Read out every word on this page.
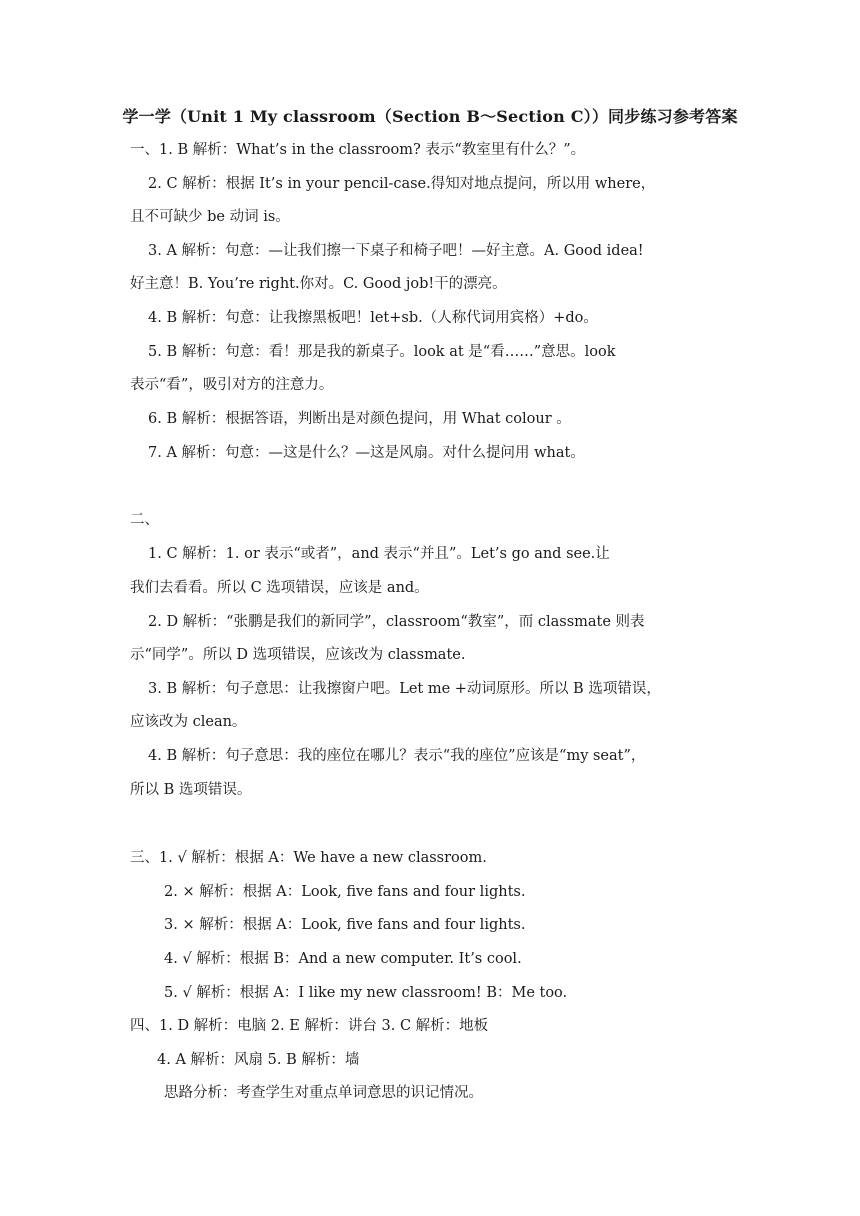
学一学（Unit 1 My classroom（Section B～Section C））同步练习参考答案
一、1. B 解析：What’s in the classroom? 表示“教室里有什么？”。
2. C 解析：根据 It’s in your pencil-case.得知对地点提问，所以用 where，
且不可缺少 be 动词 is。
3. A 解析：句意：—让我们擦一下桌子和椅子吧！—好主意。A. Good idea!
好主意！B. You’re right.你对。C. Good job!干的漂亮。
4. B 解析：句意：让我擦黑板吧！let+sb.（人称代词用宾格）+do。
5. B 解析：句意：看！那是我的新桌子。look at 是“看……”意思。look
表示“看”，吸引对方的注意力。
6. B 解析：根据答语，判断出是对颜色提问，用 What colour 。
7. A 解析：句意：—这是什么？—这是风扇。对什么提问用 what。
二、
1. C 解析：1. or 表示“或者”，and 表示“并且”。Let’s go and see.让
我们去看看。所以 C 选项错误，应该是 and。
2. D 解析：“张鹏是我们的新同学”，classroom“教室”，而 classmate 则表
示“同学”。所以 D 选项错误，应该改为 classmate.
3. B 解析：句子意思：让我擦窗户吧。Let me +动词原形。所以 B 选项错误，
应该改为 clean。
4. B 解析：句子意思：我的座位在哪儿？表示“我的座位”应该是“my seat”，
所以 B 选项错误。
三、1. √ 解析：根据 A：We have a new classroom.
2. × 解析：根据 A：Look, five fans and four lights.
3. × 解析：根据 A：Look, five fans and four lights.
4. √ 解析：根据 B：And a new computer. It’s cool.
5. √ 解析：根据 A：I like my new classroom! B：Me too.
四、1. D 解析：电脑 2. E 解析：讲台 3. C 解析：地板
4. A 解析：风扇 5. B 解析：墙
思路分析：考查学生对重点单词意思的识记情况。
